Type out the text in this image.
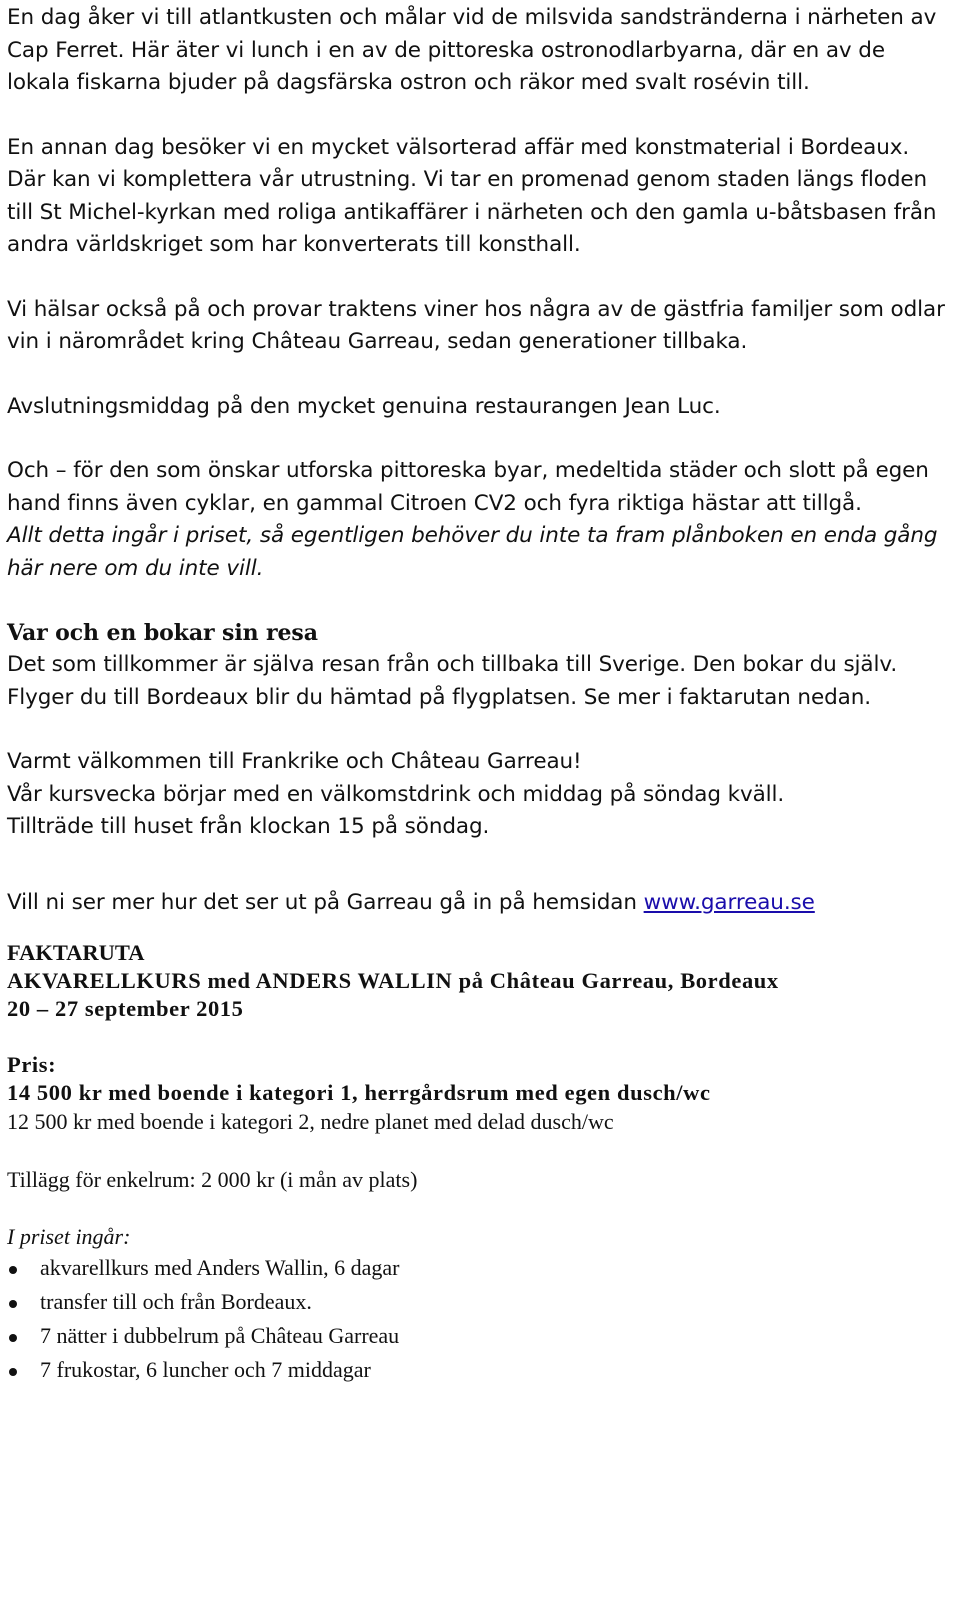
En dag åker vi till atlantkusten och målar vid de milsvida sandstränderna i närheten av Cap Ferret. Här äter vi lunch i en av de pittoreska ostronodlarbyarna, där en av de lokala fiskarna bjuder på dagsfärska ostron och räkor med svalt rosévin till.

En annan dag besöker vi en mycket välsorterad affär med konstmaterial i Bordeaux. Där kan vi komplettera vår utrustning. Vi tar en promenad genom staden längs floden till St Michel-kyrkan med roliga antikaffärer i närheten och den gamla u-båtsbasen från andra världskriget som har konverterats till konsthall.

Vi hälsar också på och provar traktens viner hos några av de gästfria familjer som odlar vin i närområdet kring Château Garreau, sedan generationer tillbaka.

Avslutningsmiddag på den mycket genuina restaurangen Jean Luc.

Och – för den som önskar utforska pittoreska byar, medeltida städer och slott på egen hand finns även cyklar, en gammal Citroen CV2 och fyra riktiga hästar att tillgå.

Allt detta ingår i priset, så egentligen behöver du inte ta fram plånboken en enda gång här nere om du inte vill.

Var och en bokar sin resa

Det som tillkommer är själva resan från och tillbaka till Sverige. Den bokar du själv. Flyger du till Bordeaux blir du hämtad på flygplatsen. Se mer i faktarutan nedan.

Varmt välkommen till Frankrike och Château Garreau!

Vår kursvecka börjar med en välkomstdrink och middag på söndag kväll.

Tillträde till huset från klockan 15 på söndag.

Vill ni ser mer hur det ser ut på Garreau gå in på hemsidan www.garreau.se

FAKTARUTA

AKVARELLKURS med ANDERS WALLIN på Château Garreau, Bordeaux

20 – 27 september 2015

Pris:

14 500 kr med boende i kategori 1, herrgårdsrum med egen dusch/wc

12 500 kr med boende i kategori 2, nedre planet med delad dusch/wc

Tillägg för enkelrum: 2 000 kr (i mån av plats)

I priset ingår:

akvarellkurs med Anders Wallin, 6 dagar
transfer till och från Bordeaux.
7 nätter i dubbelrum på Château Garreau
7 frukostar, 6 luncher och 7 middagar
